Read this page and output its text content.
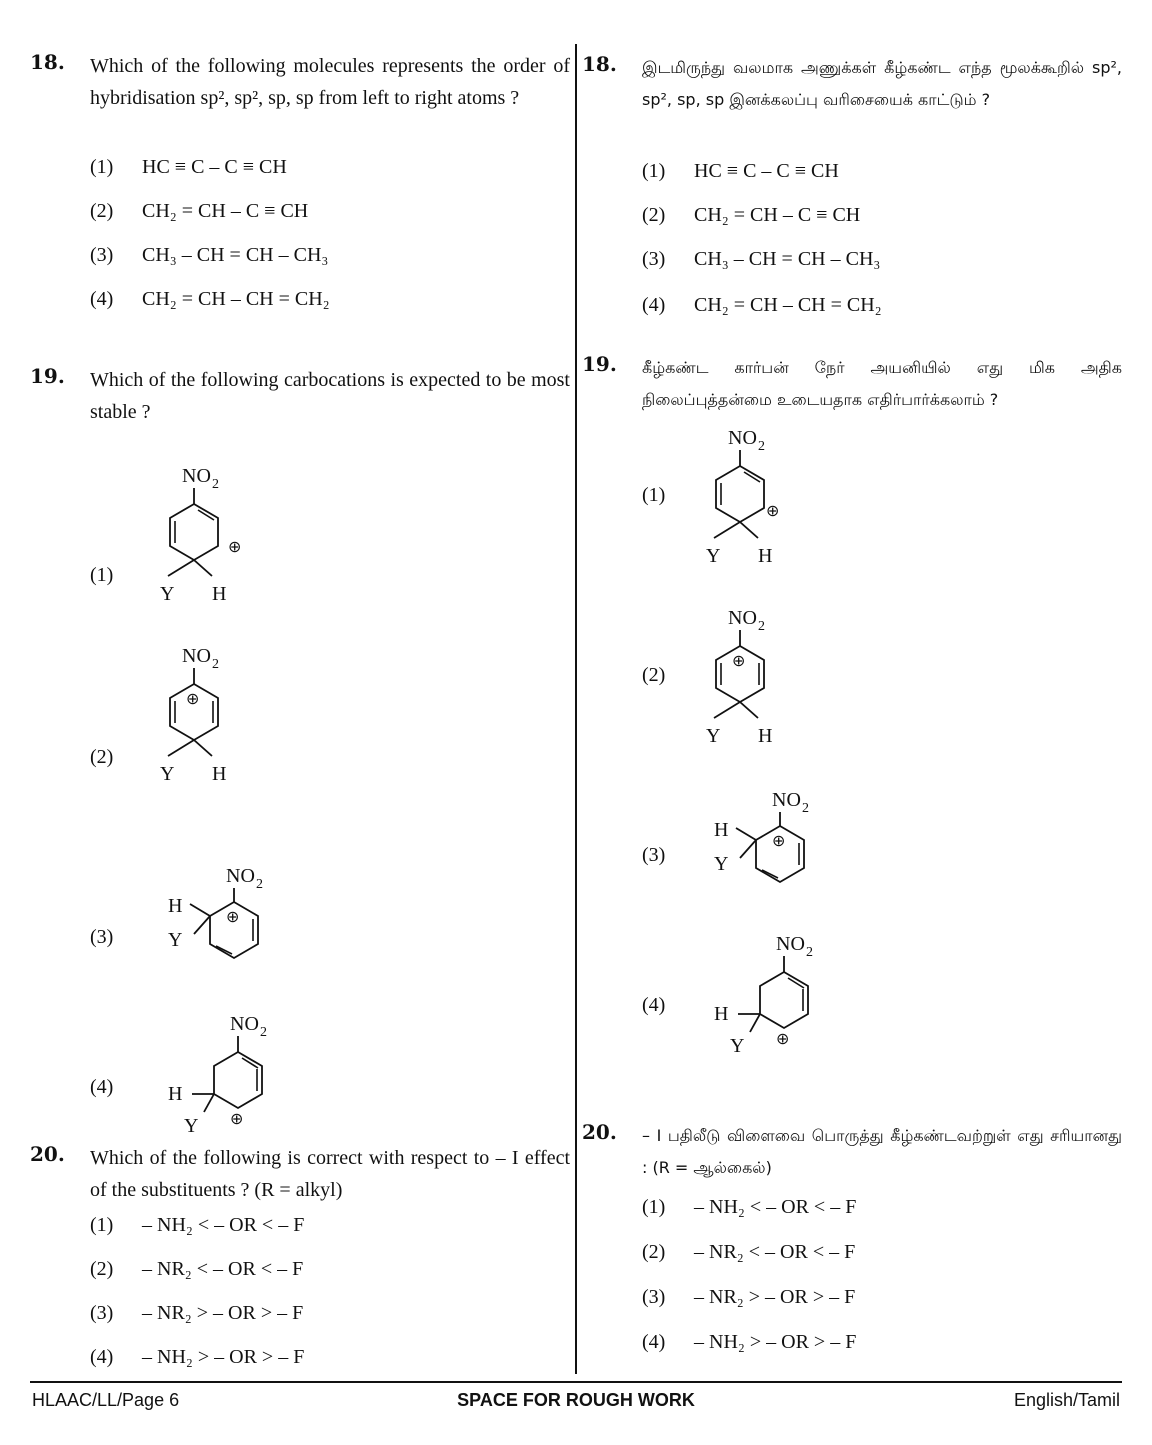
18. Which of the following molecules represents the order of hybridisation sp², sp², sp, sp from left to right atoms ?
(1) HC ≡ C – C ≡ CH
(2) CH₂ = CH – C ≡ CH
(3) CH₃ – CH = CH – CH₃
(4) CH₂ = CH – CH = CH₂
19. Which of the following carbocations is expected to be most stable ?
(1)
NO 2
⊕
Y H
(2)
NO 2
⊕
Y H
(3)
NO 2
⊕
H
Y
(4)
NO 2
⊕
H
Y
20. Which of the following is correct with respect to – I effect of the substituents ? (R = alkyl)
(1) – NH₂ < – OR < – F
(2) – NR₂ < – OR < – F
(3) – NR₂ > – OR > – F
(4) – NH₂ > – OR > – F
18. இடமிருந்து வலமாக அணுக்கள் கீழ்கண்ட எந்த மூலக்கூறில் sp², sp², sp, sp இனக்கலப்பு வரிசையைக் காட்டும் ?
(1) HC ≡ C – C ≡ CH
(2) CH₂ = CH – C ≡ CH
(3) CH₃ – CH = CH – CH₃
(4) CH₂ = CH – CH = CH₂
19. கீழ்கண்ட கார்பன் நேர் அயனியில் எது மிக அதிக நிலைப்புத்தன்மை உடையதாக எதிர்பார்க்கலாம் ?
(1)
NO 2
⊕
Y H
(2)
NO 2
⊕
Y H
(3)
NO 2
⊕
H
Y
(4)
NO 2
⊕
H
Y
20. – I பதிலீடு விளைவை பொருத்து கீழ்கண்டவற்றுள் எது சரியானது : (R = ஆல்கைல்)
(1) – NH₂ < – OR < – F
(2) – NR₂ < – OR < – F
(3) – NR₂ > – OR > – F
(4) – NH₂ > – OR > – F
SPACE FOR ROUGH WORK
HLAAC/LL/Page 6	English/Tamil
